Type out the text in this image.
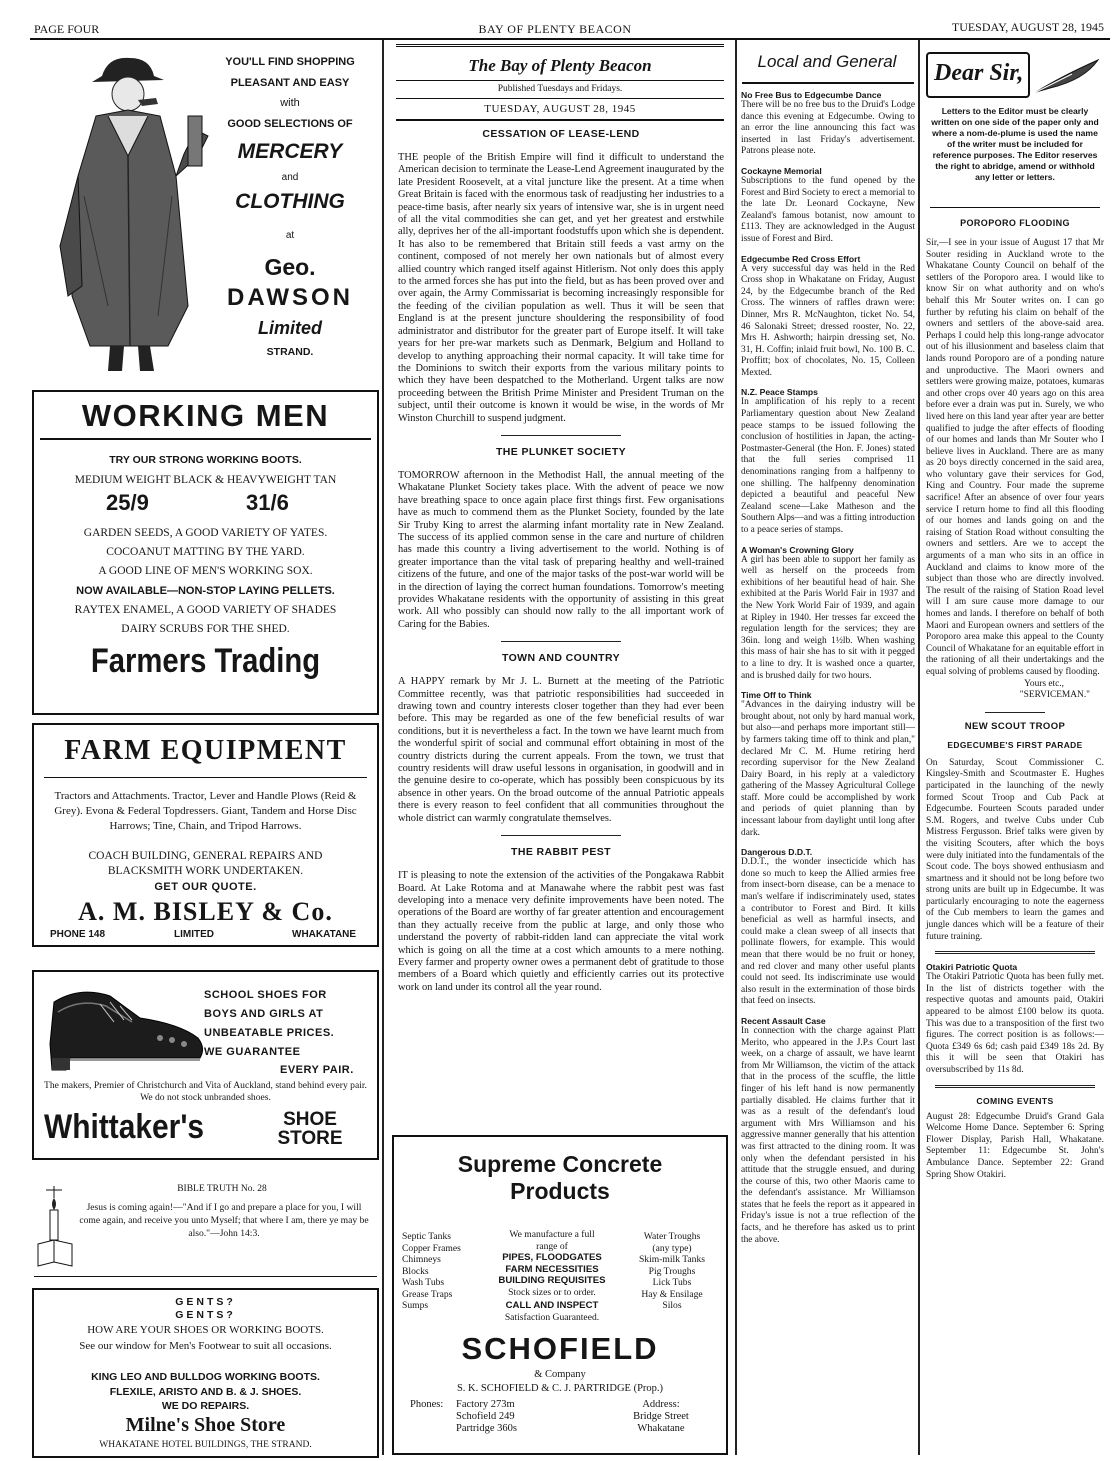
PAGE FOUR	BAY OF PLENTY BEACON	TUESDAY, AUGUST 28, 1945
YOU'LL FIND SHOPPING
PLEASANT AND EASY
with
GOOD SELECTIONS OF
MERCERY
and
CLOTHING
at
Geo.
DAWSON
Limited
STRAND.
WORKING MEN
TRY OUR STRONG WORKING BOOTS.
MEDIUM WEIGHT BLACK & HEAVYWEIGHT TAN
25/9	31/6
GARDEN SEEDS, A GOOD VARIETY OF YATES.
COCOANUT MATTING BY THE YARD.
A GOOD LINE OF MEN'S WORKING SOX.
NOW AVAILABLE—NON-STOP LAYING PELLETS.
RAYTEX ENAMEL, A GOOD VARIETY OF SHADES
DAIRY SCRUBS FOR THE SHED.
Farmers Trading
FARM EQUIPMENT
Tractors and Attachments. Tractor, Lever and Handle Plows (Reid & Grey). Evona & Federal Topdressers. Giant, Tandem and Horse Disc Harrows; Tine, Chain, and Tripod Harrows.
COACH BUILDING, GENERAL REPAIRS AND BLACKSMITH WORK UNDERTAKEN.
GET OUR QUOTE.
A. M. BISLEY & Co.
PHONE 148	LIMITED	WHAKATANE
SCHOOL SHOES FOR
BOYS AND GIRLS AT
UNBEATABLE PRICES.
WE GUARANTEE
EVERY PAIR.
The makers, Premier of Christchurch and Vita of Auckland, stand behind every pair. We do not stock unbranded shoes.
Whittaker's	SHOE
STORE
BIBLE TRUTH No. 28
Jesus is coming again!—"And if I go and prepare a place for you, I will come again, and receive you unto Myself; that where I am, there ye may be also."—John 14:3.
GENTS?
GENTS?
HOW ARE YOUR SHOES OR WORKING BOOTS.
See our window for Men's Footwear to suit all occasions.
KING LEO AND BULLDOG WORKING BOOTS.
FLEXILE, ARISTO AND B. & J. SHOES.
WE DO REPAIRS.
Milne's Shoe Store
WHAKATANE HOTEL BUILDINGS, THE STRAND.
The Bay of Plenty Beacon
Published Tuesdays and Fridays.
TUESDAY, AUGUST 28, 1945
CESSATION OF LEASE-LEND
THE people of the British Empire will find it difficult to understand the American decision to terminate the Lease-Lend Agreement inaugurated by the late President Roosevelt, at a vital juncture like the present. At a time when Great Britain is faced with the enormous task of readjusting her industries to a peace-time basis, after nearly six years of intensive war, she is in urgent need of all the vital commodities she can get, and yet her greatest and erstwhile ally, deprives her of the all-important foodstuffs upon which she is dependent. It has also to be remembered that Britain still feeds a vast army on the continent, composed of not merely her own nationals but of almost every allied country which ranged itself against Hitlerism. Not only does this apply to the armed forces she has put into the field, but as has been proved over and over again, the Army Commissariat is becoming increasingly responsible for the feeding of the civilian population as well. Thus it will be seen that England is at the present juncture shouldering the responsibility of food administrator and distributor for the greater part of Europe itself. It will take years for her pre-war markets such as Denmark, Belgium and Holland to develop to anything approaching their normal capacity. It will take time for the Dominions to switch their exports from the various military points to which they have been despatched to the Motherland. Urgent talks are now proceeding between the British Prime Minister and President Truman on the subject, until their outcome is known it would be wise, in the words of Mr Winston Churchill to suspend judgment.
THE PLUNKET SOCIETY
TOMORROW afternoon in the Methodist Hall, the annual meeting of the Whakatane Plunket Society takes place. With the advent of peace we now have breathing space to once again place first things first. Few organisations have as much to commend them as the Plunket Society, founded by the late Sir Truby King to arrest the alarming infant mortality rate in New Zealand. The success of its applied common sense in the care and nurture of children has made this country a living advertisement to the world. Nothing is of greater importance than the vital task of preparing healthy and well-trained citizens of the future, and one of the major tasks of the post-war world will be in the direction of laying the correct human foundations. Tomorrow's meeting provides Whakatane residents with the opportunity of assisting in this great work. All who possibly can should now rally to the all important work of Caring for the Babies.
TOWN AND COUNTRY
A HAPPY remark by Mr J. L. Burnett at the meeting of the Patriotic Committee recently, was that patriotic responsibilities had succeeded in drawing town and country interests closer together than they had ever been before. This may be regarded as one of the few beneficial results of war conditions, but it is nevertheless a fact. In the town we have learnt much from the wonderful spirit of social and communal effort obtaining in most of the country districts during the current appeals. From the town, we trust that country residents will draw useful lessons in organisation, in goodwill and in the genuine desire to co-operate, which has possibly been conspicuous by its absence in other years. On the broad outcome of the annual Patriotic appeals there is every reason to feel confident that all communities throughout the whole district can warmly congratulate themselves.
THE RABBIT PEST
IT is pleasing to note the extension of the activities of the Pongakawa Rabbit Board. At Lake Rotoma and at Manawahe where the rabbit pest was fast developing into a menace very definite improvements have been noted. The operations of the Board are worthy of far greater attention and encouragement than they actually receive from the public at large, and only those who understand the poverty of rabbit-ridden land can appreciate the vital work which is going on all the time at a cost which amounts to a mere nothing. Every farmer and property owner owes a permanent debt of gratitude to those members of a Board which quietly and efficiently carries out its protective work on land under its control all the year round.
Supreme Concrete
Products
Septic Tanks
Copper Frames
Chimneys
Blocks
Wash Tubs
Grease Traps
Sumps
We manufacture a full
range of
PIPES, FLOODGATES
FARM NECESSITIES
BUILDING REQUISITES
Stock sizes or to order.
CALL AND INSPECT
Satisfaction Guaranteed.
Water Troughs
(any type)
Skim-milk Tanks
Pig Troughs
Lick Tubs
Hay & Ensilage
Silos
SCHOFIELD
& Company
S. K. SCHOFIELD & C. J. PARTRIDGE (Prop.)
Phones: Factory 273m
Schofield 249
Partridge 360s
Address:
Bridge Street
Whakatane
Local and General
No Free Bus to Edgecumbe Dance
There will be no free bus to the Druid's Lodge dance this evening at Edgecumbe. Owing to an error the line announcing this fact was inserted in last Friday's advertisement. Patrons please note.
Cockayne Memorial
Subscriptions to the fund opened by the Forest and Bird Society to erect a memorial to the late Dr. Leonard Cockayne, New Zealand's famous botanist, now amount to £113. They are acknowledged in the August issue of Forest and Bird.
Edgecumbe Red Cross Effort
A very successful day was held in the Red Cross shop in Whakatane on Friday, August 24, by the Edgecumbe branch of the Red Cross. The winners of raffles drawn were: Dinner, Mrs R. McNaughton, ticket No. 54, 46 Salonaki Street; dressed rooster, No. 22, Mrs H. Ashworth; hairpin dressing set, No. 31, H. Coffin; inlaid fruit bowl, No. 100 B. C. Proffitt; box of chocolates, No. 15, Colleen Mexted.
N.Z. Peace Stamps
In amplification of his reply to a recent Parliamentary question about New Zealand peace stamps to be issued following the conclusion of hostilities in Japan, the acting-Postmaster-General (the Hon. F. Jones) stated that the full series comprised 11 denominations ranging from a halfpenny to one shilling. The halfpenny denomination depicted a beautiful and peaceful New Zealand scene—Lake Matheson and the Southern Alps—and was a fitting introduction to a peace series of stamps.
A Woman's Crowning Glory
A girl has been able to support her family as well as herself on the proceeds from exhibitions of her beautiful head of hair. She exhibited at the Paris World Fair in 1937 and the New York World Fair of 1939, and again at Ripley in 1940. Her tresses far exceed the regulation length for the services; they are 36in. long and weigh 1½lb. When washing this mass of hair she has to sit with it pegged to a line to dry. It is washed once a quarter, and is brushed daily for two hours.
Time Off to Think
"Advances in the dairying industry will be brought about, not only by hard manual work, but also—and perhaps more important still—by farmers taking time off to think and plan," declared Mr C. M. Hume retiring herd recording supervisor for the New Zealand Dairy Board, in his reply at a valedictory gathering of the Massey Agricultural College staff. More could be accomplished by work and periods of quiet planning than by incessant labour from daylight until long after dark.
Dangerous D.D.T.
D.D.T., the wonder insecticide which has done so much to keep the Allied armies free from insect-born disease, can be a menace to man's welfare if indiscriminately used, states a contributor to Forest and Bird. It kills beneficial as well as harmful insects, and could make a clean sweep of all insects that pollinate flowers, for example. This would mean that there would be no fruit or honey, and red clover and many other useful plants could not seed. Its indiscriminate use would also result in the extermination of those birds that feed on insects.
Recent Assault Case
In connection with the charge against Platt Merito, who appeared in the J.P.s Court last week, on a charge of assault, we have learnt from Mr Williamson, the victim of the attack that in the process of the scuffle, the little finger of his left hand is now permanently partially disabled. He claims further that it was as a result of the defendant's loud argument with Mrs Williamson and his aggressive manner generally that his attention was first attracted to the dining room. It was only when the defendant persisted in his attitude that the struggle ensued, and during the course of this, two other Maoris came to the defendant's assistance. Mr Williamson states that he feels the report as it appeared in Friday's issue is not a true reflection of the facts, and he therefore has asked us to print the above.
Dear Sir,
Letters to the Editor must be clearly written on one side of the paper only and where a nom-de-plume is used the name of the writer must be included for reference purposes. The Editor reserves the right to abridge, amend or withhold any letter or letters.
POROPORO FLOODING
Sir,—I see in your issue of August 17 that Mr Souter residing in Auckland wrote to the Whakatane County Council on behalf of the settlers of the Poroporo area. I would like to know Sir on what authority and on who's behalf this Mr Souter writes on. I can go further by refuting his claim on behalf of the owners and settlers of the above-said area. Perhaps I could help this long-range advocator out of his illusionment and baseless claim that lands round Poroporo are of a ponding nature and unproductive. The Maori owners and settlers were growing maize, potatoes, kumaras and other crops over 40 years ago on this area before ever a drain was put in. Surely, we who lived here on this land year after year are better qualified to judge the after effects of flooding of our homes and lands than Mr Souter who I believe lives in Auckland. There are as many as 20 boys directly concerned in the said area, who voluntary gave their services for God, King and Country. Four made the supreme sacrifice! After an absence of over four years service I return home to find all this flooding of our homes and lands going on and the raising of Station Road without consulting the owners and settlers. Are we to accept the arguments of a man who sits in an office in Auckland and claims to know more of the subject than those who are directly involved. The result of the raising of Station Road level will I am sure cause more damage to our homes and lands. I therefore on behalf of both Maori and European owners and settlers of the Poroporo area make this appeal to the County Council of Whakatane for an equitable effort in the rationing of all their undertakings and the equal solving of problems caused by flooding.
Yours etc.,
"SERVICEMAN."
NEW SCOUT TROOP
EDGECUMBE'S FIRST PARADE
On Saturday, Scout Commissioner C. Kingsley-Smith and Scoutmaster E. Hughes participated in the launching of the newly formed Scout Troop and Cub Pack at Edgecumbe. Fourteen Scouts paraded under S.M. Rogers, and twelve Cubs under Cub Mistress Fergusson. Brief talks were given by the visiting Scouters, after which the boys were duly initiated into the fundamentals of the Scout code. The boys showed enthusiasm and smartness and it should not be long before two strong units are built up in Edgecumbe. It was particularly encouraging to note the eagerness of the Cub members to learn the games and jungle dances which will be a feature of their future training.
Otakiri Patriotic Quota
The Otakiri Patriotic Quota has been fully met. In the list of districts together with the respective quotas and amounts paid, Otakiri appeared to be almost £100 below its quota. This was due to a transposition of the first two figures. The correct position is as follows:—Quota £349 6s 6d; cash paid £349 18s 2d. By this it will be seen that Otakiri has oversubscribed by 11s 8d.
COMING EVENTS
August 28: Edgecumbe Druid's Grand Gala Welcome Home Dance. September 6: Spring Flower Display, Parish Hall, Whakatane. September 11: Edgecumbe St. John's Ambulance Dance. September 22: Grand Spring Show Otakiri.
